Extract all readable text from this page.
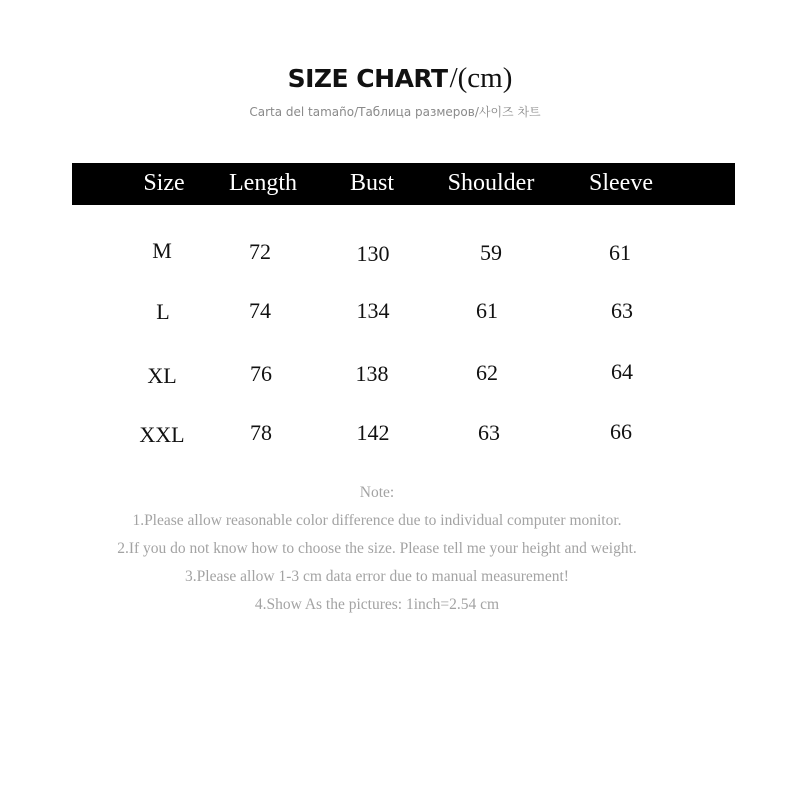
SIZE CHART/(cm)
Carta del tamaño/Таблица размеров/사이즈 차트
Size	Length	Bust	Shoulder	Sleeve
M	72	130	59	61
L	74	134	61	63
XL	76	138	62	64
XXL	78	142	63	66
Note:
1.Please allow reasonable color difference due to individual computer monitor.
2.If you do not know how to choose the size. Please tell me your height and weight.
3.Please allow 1-3 cm data error due to manual measurement!
4.Show As the pictures: 1inch=2.54 cm
